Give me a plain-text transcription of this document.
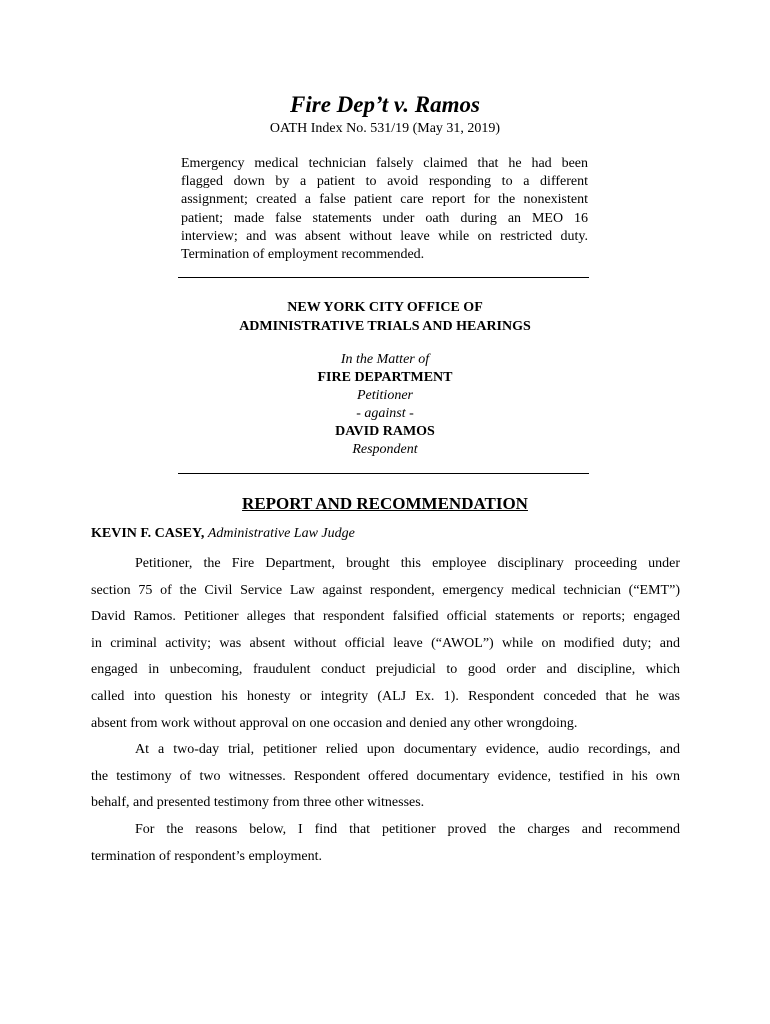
Fire Dep’t v. Ramos
OATH Index No. 531/19 (May 31, 2019)
Emergency medical technician falsely claimed that he had been
flagged down by a patient to avoid responding to a different
assignment; created a false patient care report for the nonexistent
patient; made false statements under oath during an MEO 16
interview; and was absent without leave while on restricted duty.
Termination of employment recommended.
NEW YORK CITY OFFICE OF
ADMINISTRATIVE TRIALS AND HEARINGS
In the Matter of
FIRE DEPARTMENT
Petitioner
- against -
DAVID RAMOS
Respondent
REPORT AND RECOMMENDATION
KEVIN F. CASEY, Administrative Law Judge
Petitioner, the Fire Department, brought this employee disciplinary proceeding under
section 75 of the Civil Service Law against respondent, emergency medical technician (“EMT”)
David Ramos. Petitioner alleges that respondent falsified official statements or reports; engaged
in criminal activity; was absent without official leave (“AWOL”) while on modified duty; and
engaged in unbecoming, fraudulent conduct prejudicial to good order and discipline, which
called into question his honesty or integrity (ALJ Ex. 1). Respondent conceded that he was
absent from work without approval on one occasion and denied any other wrongdoing.
At a two-day trial, petitioner relied upon documentary evidence, audio recordings, and
the testimony of two witnesses. Respondent offered documentary evidence, testified in his own
behalf, and presented testimony from three other witnesses.
For the reasons below, I find that petitioner proved the charges and recommend
termination of respondent’s employment.
